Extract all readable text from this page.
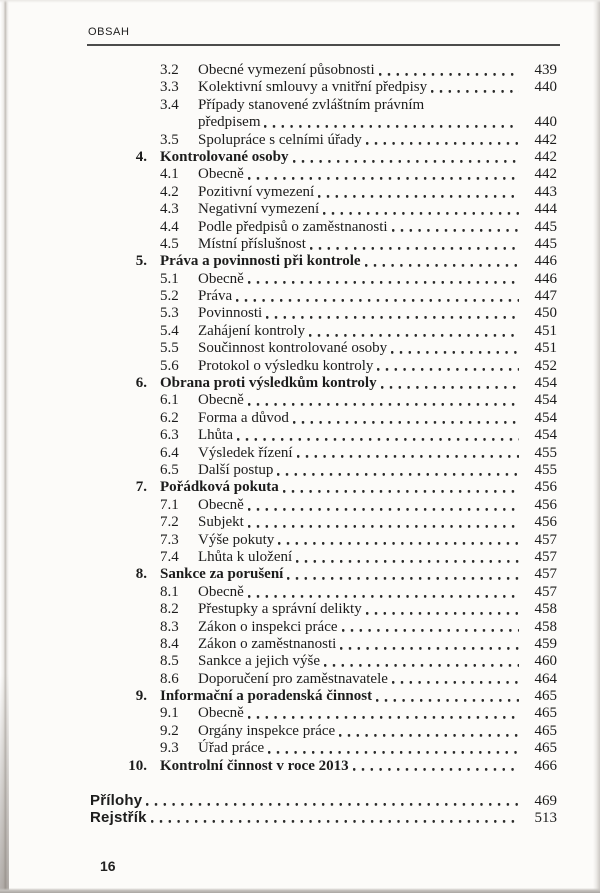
OBSAH
3.2	Obecné vymezení působnosti	439
3.3	Kolektivní smlouvy a vnitřní předpisy	440
3.4	Případy stanovené zvláštním právním
předpisem	440
3.5	Spolupráce s celními úřady	442
4. Kontrolované osoby	442
4.1	Obecně	442
4.2	Pozitivní vymezení	443
4.3	Negativní vymezení	444
4.4	Podle předpisů o zaměstnanosti	445
4.5	Místní příslušnost	445
5. Práva a povinnosti při kontrole	446
5.1	Obecně	446
5.2	Práva	447
5.3	Povinnosti	450
5.4	Zahájení kontroly	451
5.5	Součinnost kontrolované osoby	451
5.6	Protokol o výsledku kontroly	452
6. Obrana proti výsledkům kontroly	454
6.1	Obecně	454
6.2	Forma a důvod	454
6.3	Lhůta	454
6.4	Výsledek řízení	455
6.5	Další postup	455
7. Pořádková pokuta	456
7.1	Obecně	456
7.2	Subjekt	456
7.3	Výše pokuty	457
7.4	Lhůta k uložení	457
8. Sankce za porušení	457
8.1	Obecně	457
8.2	Přestupky a správní delikty	458
8.3	Zákon o inspekci práce	458
8.4	Zákon o zaměstnanosti	459
8.5	Sankce a jejich výše	460
8.6	Doporučení pro zaměstnavatele	464
9. Informační a poradenská činnost	465
9.1	Obecně	465
9.2	Orgány inspekce práce	465
9.3	Úřad práce	465
10. Kontrolní činnost v roce 2013	466
Přílohy	469
Rejstřík	513
16
